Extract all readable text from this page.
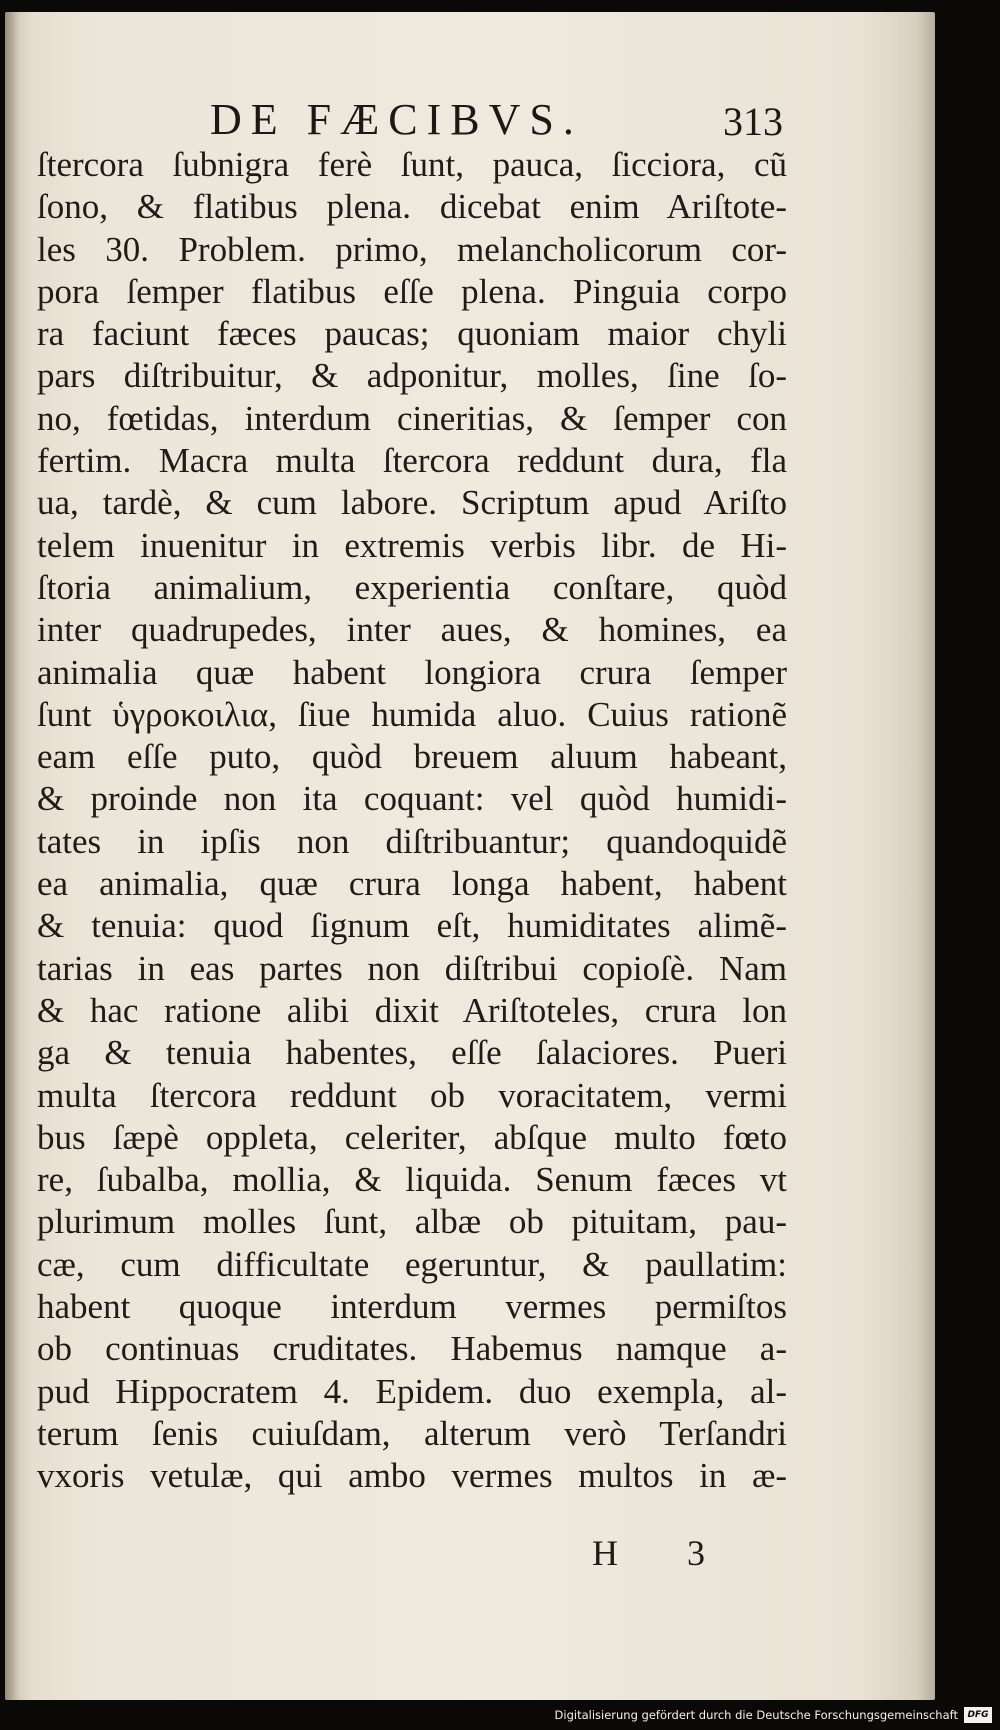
DE FÆCIBVS.	313
ſtercora ſubnigra ferè ſunt, pauca, ſicciora, cũ
ſono, & flatibus plena. dicebat enim Ariſtote-
les 30. Problem. primo, melancholicorum cor-
pora ſemper flatibus eſſe plena. Pinguia corpo
ra faciunt fæces paucas; quoniam maior chyli
pars diſtribuitur, & adponitur, molles, ſine ſo-
no, fœtidas, interdum cineritias, & ſemper con
fertim. Macra multa ſtercora reddunt dura, fla
ua, tardè, & cum labore. Scriptum apud Ariſto
telem inuenitur in extremis verbis libr. de Hi-
ſtoria animalium, experientia conſtare, quòd
inter quadrupedes, inter aues, & homines, ea
animalia quæ habent longiora crura ſemper
ſunt ὑγροκοιλια, ſiue humida aluo. Cuius rationẽ
eam eſſe puto, quòd breuem aluum habeant,
& proinde non ita coquant: vel quòd humidi-
tates in ipſis non diſtribuantur; quandoquidẽ
ea animalia, quæ crura longa habent, habent
& tenuia: quod ſignum eſt, humiditates alimẽ-
tarias in eas partes non diſtribui copioſè. Nam
& hac ratione alibi dixit Ariſtoteles, crura lon
ga & tenuia habentes, eſſe ſalaciores. Pueri
multa ſtercora reddunt ob voracitatem, vermi
bus ſæpè oppleta, celeriter, abſque multo fœto
re, ſubalba, mollia, & liquida. Senum fæces vt
plurimum molles ſunt, albæ ob pituitam, pau-
cæ, cum difficultate egeruntur, & paullatim:
habent quoque interdum vermes permiſtos
ob continuas cruditates. Habemus namque a-
pud Hippocratem 4. Epidem. duo exempla, al-
terum ſenis cuiuſdam, alterum verò Terſandri
vxoris vetulæ, qui ambo vermes multos in æ-
H 3
Digitalisierung gefördert durch die Deutsche Forschungsgemeinschaft	DFG
